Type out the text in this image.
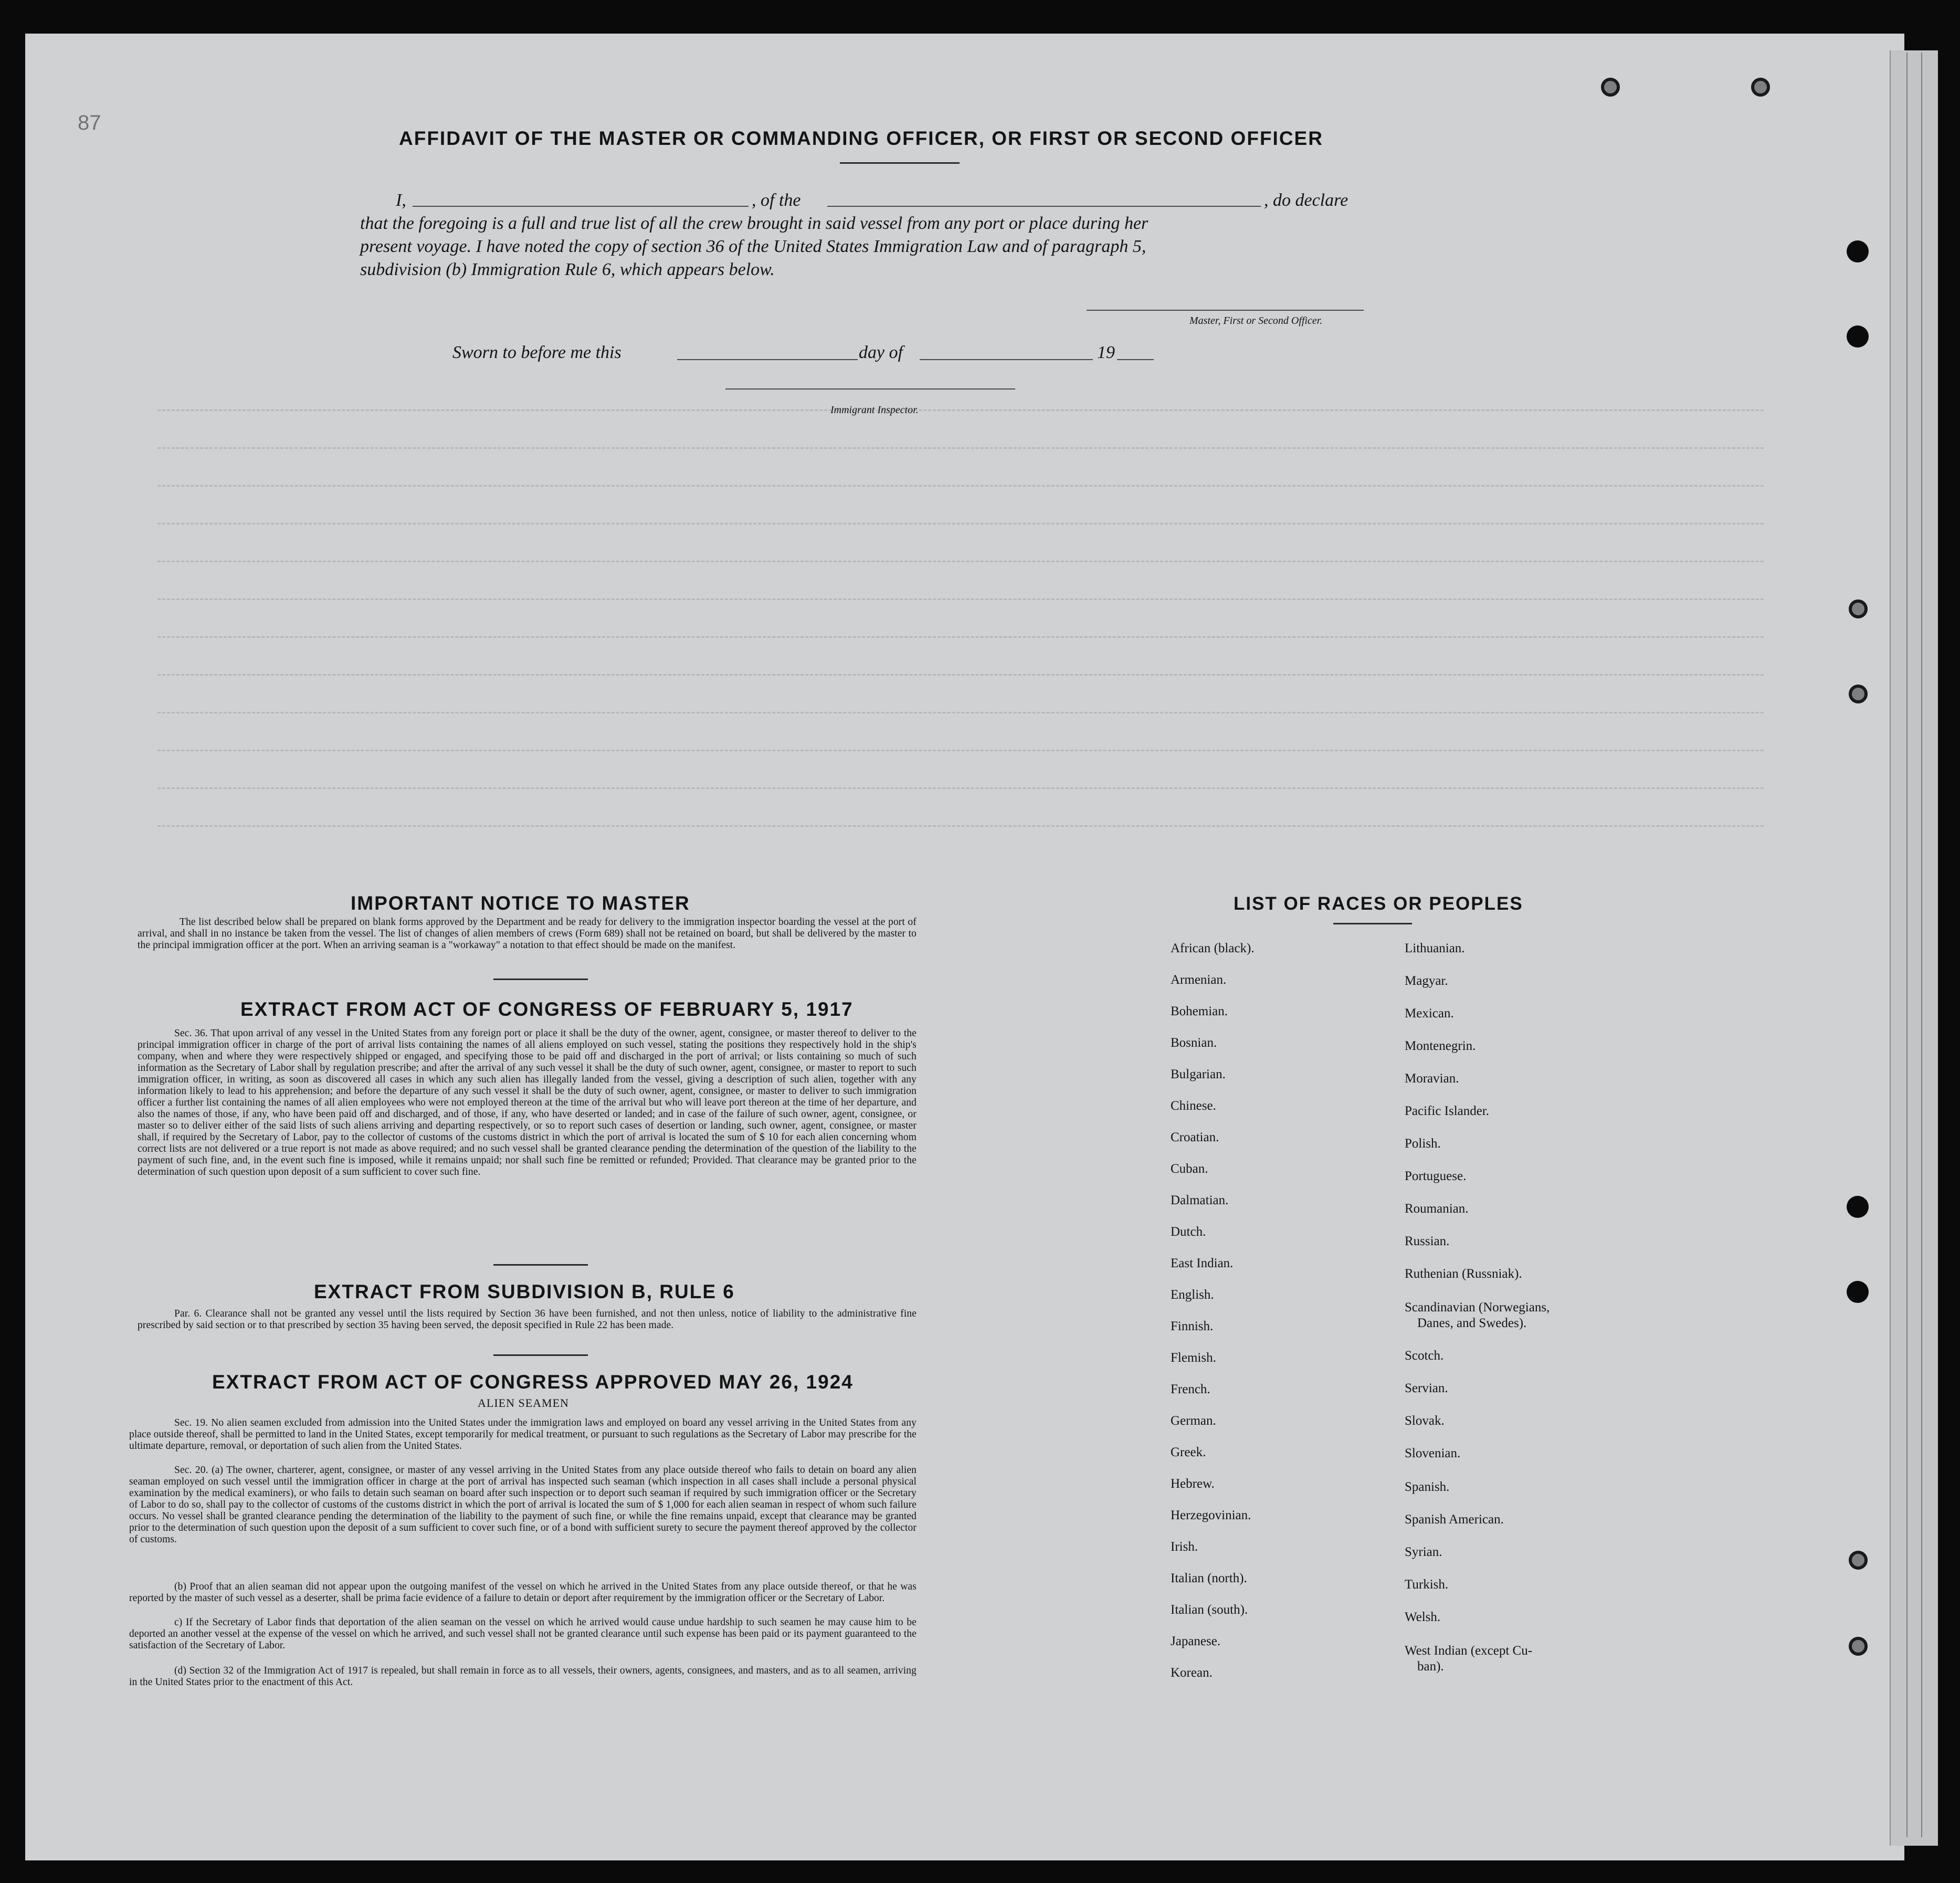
87
AFFIDAVIT OF THE MASTER OR COMMANDING OFFICER, OR FIRST OR SECOND OFFICER
I,	, of the	, do declare
that the foregoing is a full and true list of all the crew brought in said vessel from any port or place during her
present voyage. I have noted the copy of section 36 of the United States Immigration Law and of paragraph 5,
subdivision (b) Immigration Rule 6, which appears below.
Master, First or Second Officer.
Sworn to before me this	day of	19
Immigrant Inspector.
IMPORTANT NOTICE TO MASTER
The list described below shall be prepared on blank forms approved by the Department and be ready for delivery to the immigration inspector boarding the vessel at the port of arrival, and shall in no instance be taken from the vessel. The list of changes of alien members of crews (Form 689) shall not be retained on board, but shall be delivered by the master to the principal immigration officer at the port. When an arriving seaman is a "workaway" a notation to that effect should be made on the manifest.
EXTRACT FROM ACT OF CONGRESS OF FEBRUARY 5, 1917
Sec. 36. That upon arrival of any vessel in the United States from any foreign port or place it shall be the duty of the owner, agent, consignee, or master thereof to deliver to the principal immigration officer in charge of the port of arrival lists containing the names of all aliens employed on such vessel, stating the positions they respectively hold in the ship's company, when and where they were respectively shipped or engaged, and specifying those to be paid off and discharged in the port of arrival; or lists containing so much of such information as the Secretary of Labor shall by regulation prescribe; and after the arrival of any such vessel it shall be the duty of such owner, agent, consignee, or master to report to such immigration officer, in writing, as soon as discovered all cases in which any such alien has illegally landed from the vessel, giving a description of such alien, together with any information likely to lead to his apprehension; and before the departure of any such vessel it shall be the duty of such owner, agent, consignee, or master to deliver to such immigration officer a further list containing the names of all alien employees who were not employed thereon at the time of the arrival but who will leave port thereon at the time of her departure, and also the names of those, if any, who have been paid off and discharged, and of those, if any, who have deserted or landed; and in case of the failure of such owner, agent, consignee, or master so to deliver either of the said lists of such aliens arriving and departing respectively, or so to report such cases of desertion or landing, such owner, agent, consignee, or master shall, if required by the Secretary of Labor, pay to the collector of customs of the customs district in which the port of arrival is located the sum of $ 10 for each alien concerning whom correct lists are not delivered or a true report is not made as above required; and no such vessel shall be granted clearance pending the determination of the question of the liability to the payment of such fine, and, in the event such fine is imposed, while it remains unpaid; nor shall such fine be remitted or refunded; Provided. That clearance may be granted prior to the determination of such question upon deposit of a sum sufficient to cover such fine.
EXTRACT FROM SUBDIVISION B, RULE 6
Par. 6. Clearance shall not be granted any vessel until the lists required by Section 36 have been furnished, and not then unless, notice of liability to the administrative fine prescribed by said section or to that prescribed by section 35 having been served, the deposit specified in Rule 22 has been made.
EXTRACT FROM ACT OF CONGRESS APPROVED MAY 26, 1924
ALIEN SEAMEN
Sec. 19. No alien seamen excluded from admission into the United States under the immigration laws and employed on board any vessel arriving in the United States from any place outside thereof, shall be permitted to land in the United States, except temporarily for medical treatment, or pursuant to such regulations as the Secretary of Labor may prescribe for the ultimate departure, removal, or deportation of such alien from the United States.
Sec. 20. (a) The owner, charterer, agent, consignee, or master of any vessel arriving in the United States from any place outside thereof who fails to detain on board any alien seaman employed on such vessel until the immigration officer in charge at the port of arrival has inspected such seaman (which inspection in all cases shall include a personal physical examination by the medical examiners), or who fails to detain such seaman on board after such inspection or to deport such seaman if required by such immigration officer or the Secretary of Labor to do so, shall pay to the collector of customs of the customs district in which the port of arrival is located the sum of $ 1,000 for each alien seaman in respect of whom such failure occurs. No vessel shall be granted clearance pending the determination of the liability to the payment of such fine, or while the fine remains unpaid, except that clearance may be granted prior to the determination of such question upon the deposit of a sum sufficient to cover such fine, or of a bond with sufficient surety to secure the payment thereof approved by the collector of customs.
(b) Proof that an alien seaman did not appear upon the outgoing manifest of the vessel on which he arrived in the United States from any place outside thereof, or that he was reported by the master of such vessel as a deserter, shall be prima facie evidence of a failure to detain or deport after requirement by the immigration officer or the Secretary of Labor.
c) If the Secretary of Labor finds that deportation of the alien seaman on the vessel on which he arrived would cause undue hardship to such seamen he may cause him to be deported an another vessel at the expense of the vessel on which he arrived, and such vessel shall not be granted clearance until such expense has been paid or its payment guaranteed to the satisfaction of the Secretary of Labor.
(d) Section 32 of the Immigration Act of 1917 is repealed, but shall remain in force as to all vessels, their owners, agents, consignees, and masters, and as to all seamen, arriving in the United States prior to the enactment of this Act.
LIST OF RACES OR PEOPLES
African (black).
Armenian.
Bohemian.
Bosnian.
Bulgarian.
Chinese.
Croatian.
Cuban.
Dalmatian.
Dutch.
East Indian.
English.
Finnish.
Flemish.
French.
German.
Greek.
Hebrew.
Herzegovinian.
Irish.
Italian (north).
Italian (south).
Japanese.
Korean.
Lithuanian.
Magyar.
Mexican.
Montenegrin.
Moravian.
Pacific Islander.
Polish.
Portuguese.
Roumanian.
Russian.
Ruthenian (Russniak).
Scandinavian (Norwegians,
Danes, and Swedes).
Scotch.
Servian.
Slovak.
Slovenian.
Spanish.
Spanish American.
Syrian.
Turkish.
Welsh.
West Indian (except Cu-
ban).
